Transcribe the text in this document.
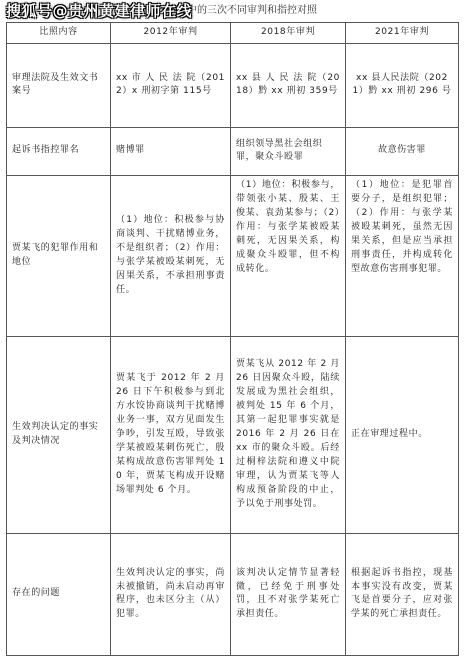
同一案件中的三次不同审判和指控对照
搜狐号@贵州黄建律师在线
比照内容	2012年审判	2018年审判	2021年审判
审理法院及生效文书案号	xx 市 人 民 法 院（2012）x 刑初字第 115号	xx 县 人 民 法 院（2018）黔 xx 刑初 359号	xx 县人民法院（2021）黔 xx 刑初 296 号
起诉书指控罪名	赌博罪	组织领导黑社会组织罪，聚众斗殴罪	故意伤害罪
贾某飞的犯罪作用和地位	（1）地位：积极参与协商谈判、干扰赌博业务，不是组织者；（2）作用：与张学某被殴某刺死，无因果关系，不承担刑事责任。	（1）地位：积极参与，带领张小某、殷某、王俊某、袁劲某参与；（2）作用：与张学某被殴某刺死，无因果关系，构成聚众斗殴罪，但不构成转化。	（1）地位：是犯罪首要分子，是组织犯罪；（2）作用：与张学某被殴某刺死，虽然无因果关系，但是应当承担刑事责任，并构成转化型故意伤害刑事犯罪。
生效判决认定的事实及判决情况	贾某飞于 2012 年 2 月 26 日下午积极参与到北方水饺协商谈判干扰赌博业务一事，双方见面发生争吵，引发互殴，导致张学某被殴某刺伤死亡，殷某构成故意伤害罪判处 10 年，贾某飞构成开设赌场罪判处 6 个月。	贾某飞从 2012 年 2 月 26 日因聚众斗殴，陆续发展成为黑社会组织，被判处 15 年 6 个月，其第一起犯罪事实就是 2016 年 2 月 26 日在 xx 市的聚众斗殴。后经过桐梓法院和遵义中院审理，认为贾某飞等人构成预备阶段的中止，予以免于刑事处罚。	正在审理过程中。
存在的问题	生效判决认定的事实，尚未被撤销，尚未启动再审程序，也未区分主（从）犯罪。	该判决认定情节显著轻微，已经免于刑事处罚，且不对张学某死亡承担责任。	根据起诉书指控，现基本事实没有改变，贾某飞是首要分子，应对张学某的死亡承担责任。
